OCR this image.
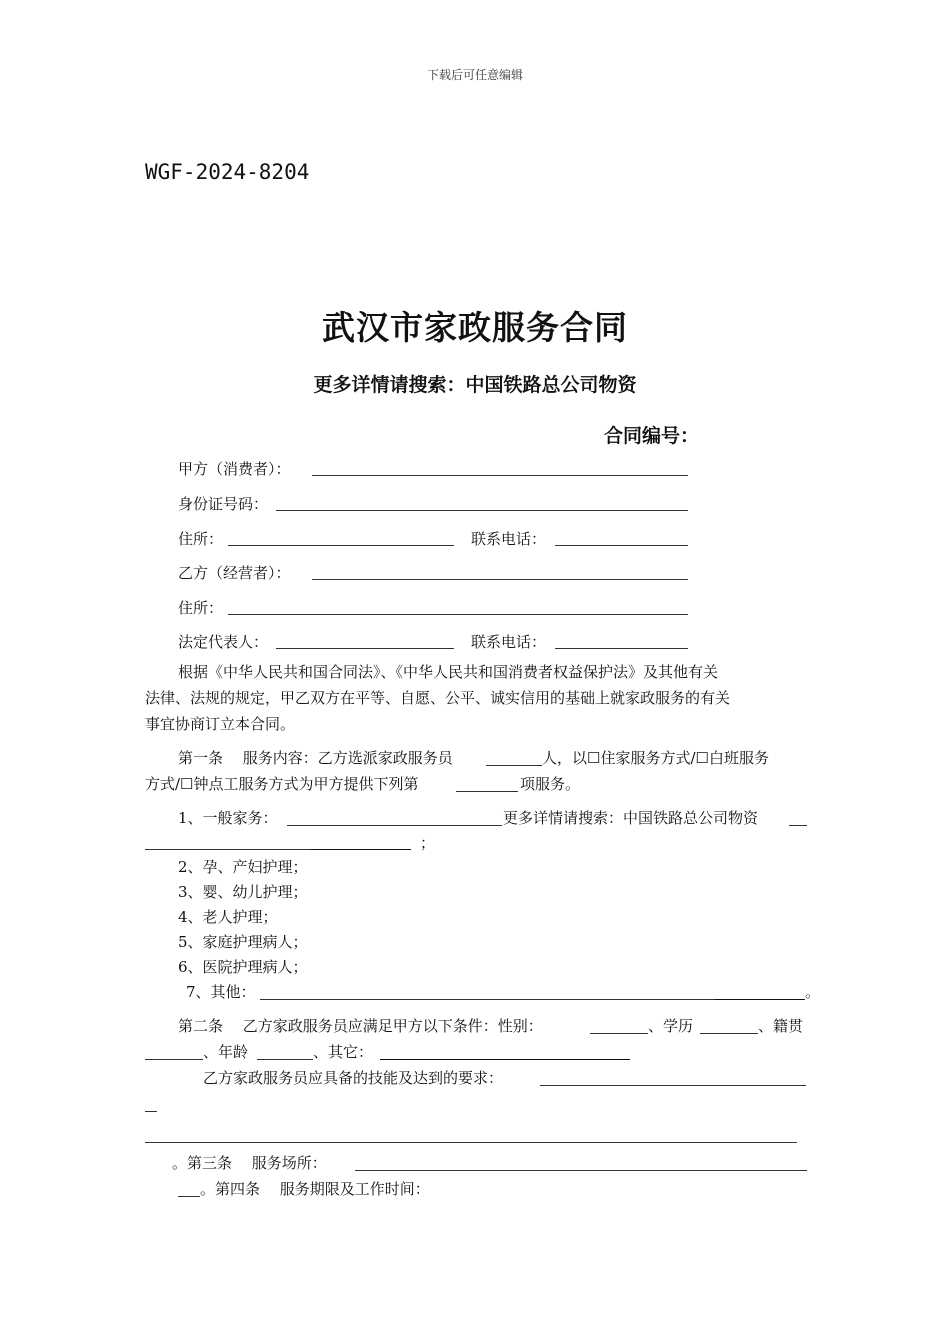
下载后可任意编辑
WGF-2024-8204
武汉市家政服务合同
更多详情请搜索：中国铁路总公司物资
合同编号：
甲方（消费者）：
身份证号码：
住所：	联系电话：
乙方（经营者）：
住所：
法定代表人：	联系电话：
根据《中华人民共和国合同法》、《中华人民共和国消费者权益保护法》及其他有关
法律、法规的规定，甲乙双方在平等、自愿、公平、诚实信用的基础上就家政服务的有关
事宜协商订立本合同。
第一条　 服务内容：乙方选派家政服务员	人，以☐住家服务方式/☐白班服务
方式/☐钟点工服务方式为甲方提供下列第	项服务。
1、一般家务：	更多详情请搜索：中国铁路总公司物资
；
2、孕、产妇护理；
3、婴、幼儿护理；
4、老人护理；
5、家庭护理病人；
6、医院护理病人；
7、其他：	。
第二条　 乙方家政服务员应满足甲方以下条件：性别：	、学历	、籍贯
、年龄	、其它：
乙方家政服务员应具备的技能及达到的要求：
。第三条　 服务场所：
。第四条　 服务期限及工作时间：
